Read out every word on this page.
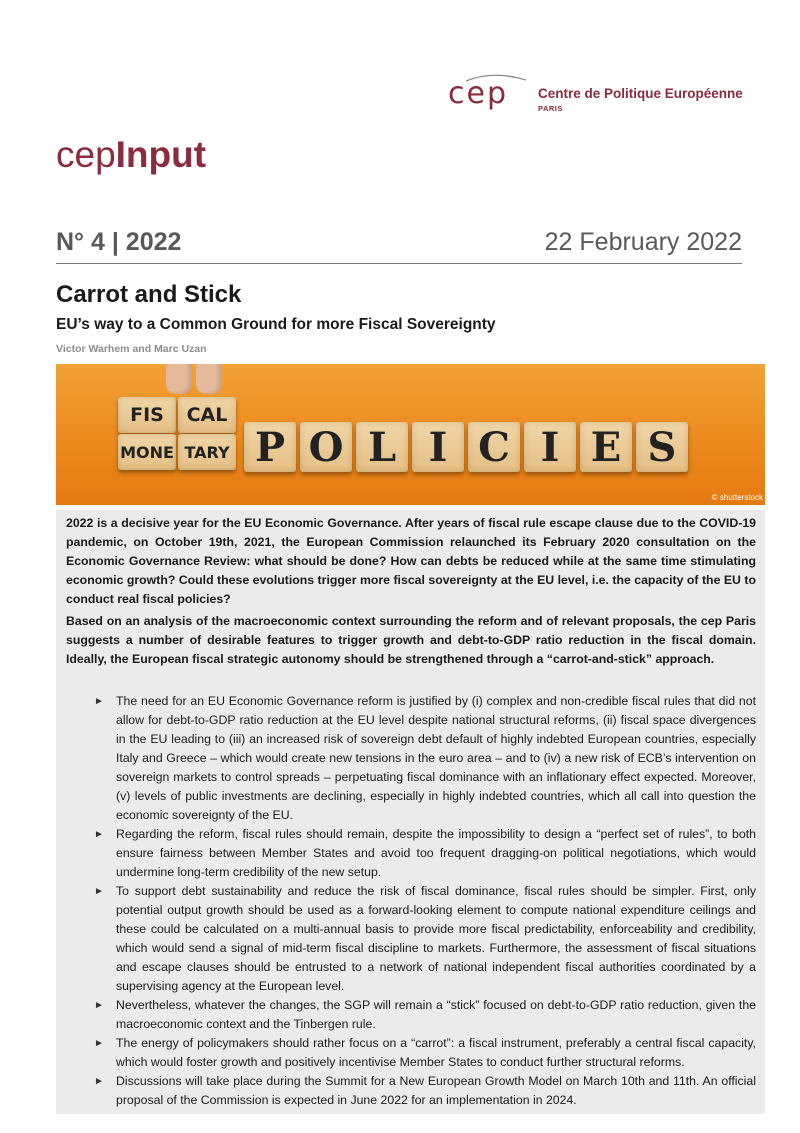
cep Centre de Politique Européenne
PARIS
cepInput
N° 4 | 2022	22 February 2022
Carrot and Stick
EU’s way to a Common Ground for more Fiscal Sovereignty
Victor Warhem and Marc Uzan
FIS	CAL
MONE TARY P O L I C I E S
© shutterstock
2022 is a decisive year for the EU Economic Governance. After years of fiscal rule escape clause due to the COVID-19 pandemic, on October 19th, 2021, the European Commission relaunched its February 2020 consultation on the Economic Governance Review: what should be done? How can debts be reduced while at the same time stimulating economic growth? Could these evolutions trigger more fiscal sovereignty at the EU level, i.e. the capacity of the EU to conduct real fiscal policies?
Based on an analysis of the macroeconomic context surrounding the reform and of relevant proposals, the cep Paris suggests a number of desirable features to trigger growth and debt-to-GDP ratio reduction in the fiscal domain. Ideally, the European fiscal strategic autonomy should be strengthened through a “carrot-and-stick” approach.
► The need for an EU Economic Governance reform is justified by (i) complex and non-credible fiscal rules that did not allow for debt-to-GDP ratio reduction at the EU level despite national structural reforms, (ii) fiscal space divergences in the EU leading to (iii) an increased risk of sovereign debt default of highly indebted European countries, especially Italy and Greece – which would create new tensions in the euro area – and to (iv) a new risk of ECB’s intervention on sovereign markets to control spreads – perpetuating fiscal dominance with an inflationary effect expected. Moreover, (v) levels of public investments are declining, especially in highly indebted countries, which all call into question the economic sovereignty of the EU.
► Regarding the reform, fiscal rules should remain, despite the impossibility to design a “perfect set of rules”, to both ensure fairness between Member States and avoid too frequent dragging-on political negotiations, which would undermine long-term credibility of the new setup.
► To support debt sustainability and reduce the risk of fiscal dominance, fiscal rules should be simpler. First, only potential output growth should be used as a forward-looking element to compute national expenditure ceilings and these could be calculated on a multi-annual basis to provide more fiscal predictability, enforceability and credibility, which would send a signal of mid-term fiscal discipline to markets. Furthermore, the assessment of fiscal situations and escape clauses should be entrusted to a network of national independent fiscal authorities coordinated by a supervising agency at the European level.
► Nevertheless, whatever the changes, the SGP will remain a “stick” focused on debt-to-GDP ratio reduction, given the macroeconomic context and the Tinbergen rule.
► The energy of policymakers should rather focus on a “carrot”: a fiscal instrument, preferably a central fiscal capacity, which would foster growth and positively incentivise Member States to conduct further structural reforms.
► Discussions will take place during the Summit for a New European Growth Model on March 10th and 11th. An official proposal of the Commission is expected in June 2022 for an implementation in 2024.
